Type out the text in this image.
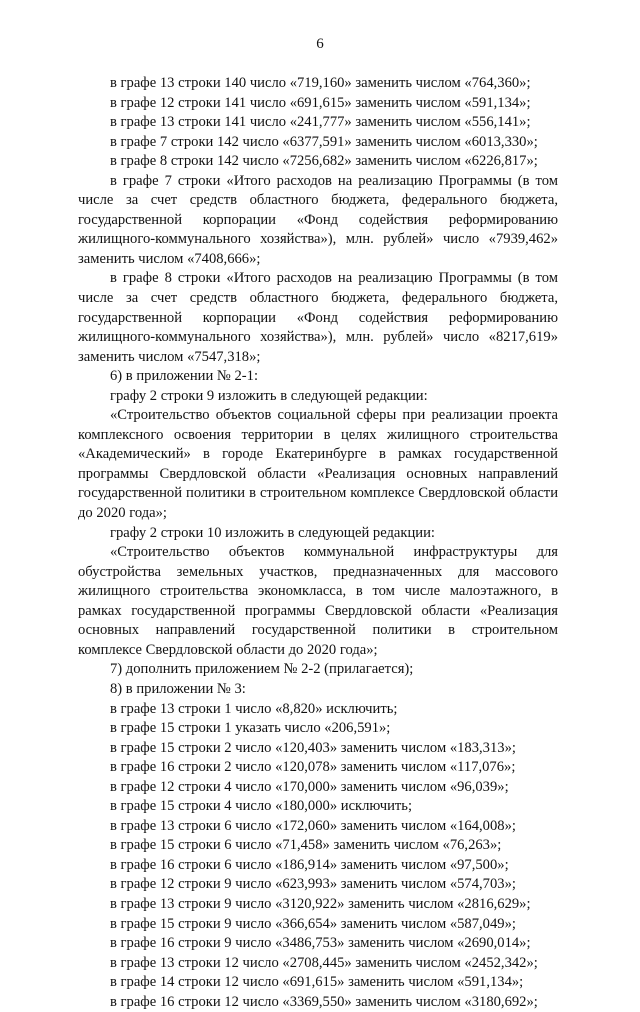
6
в графе 13 строки 140 число «719,160» заменить числом «764,360»;
в графе 12 строки 141 число «691,615» заменить числом «591,134»;
в графе 13 строки 141 число «241,777» заменить числом «556,141»;
в графе 7 строки 142 число «6377,591» заменить числом «6013,330»;
в графе 8 строки 142 число «7256,682» заменить числом «6226,817»;
в графе 7 строки «Итого расходов на реализацию Программы (в том числе за счет средств областного бюджета, федерального бюджета, государственной корпорации «Фонд содействия реформированию жилищного-коммунального хозяйства»), млн. рублей» число «7939,462» заменить числом «7408,666»;
в графе 8 строки «Итого расходов на реализацию Программы (в том числе за счет средств областного бюджета, федерального бюджета, государственной корпорации «Фонд содействия реформированию жилищного-коммунального хозяйства»), млн. рублей» число «8217,619» заменить числом «7547,318»;
6) в приложении № 2-1:
графу 2 строки 9 изложить в следующей редакции:
«Строительство объектов социальной сферы при реализации проекта комплексного освоения территории в целях жилищного строительства «Академический» в городе Екатеринбурге в рамках государственной программы Свердловской области «Реализация основных направлений государственной политики в строительном комплексе Свердловской области до 2020 года»;
графу 2 строки 10 изложить в следующей редакции:
«Строительство объектов коммунальной инфраструктуры для обустройства земельных участков, предназначенных для массового жилищного строительства экономкласса, в том числе малоэтажного, в рамках государственной программы Свердловской области «Реализация основных направлений государственной политики в строительном комплексе Свердловской области до 2020 года»;
7) дополнить приложением № 2-2 (прилагается);
8) в приложении № 3:
в графе 13 строки 1 число «8,820» исключить;
в графе 15 строки 1 указать число «206,591»;
в графе 15 строки 2 число «120,403» заменить числом «183,313»;
в графе 16 строки 2 число «120,078» заменить числом «117,076»;
в графе 12 строки 4 число «170,000» заменить числом «96,039»;
в графе 15 строки 4 число «180,000» исключить;
в графе 13 строки 6 число «172,060» заменить числом «164,008»;
в графе 15 строки 6 число «71,458» заменить числом «76,263»;
в графе 16 строки 6 число «186,914» заменить числом «97,500»;
в графе 12 строки 9 число «623,993» заменить числом «574,703»;
в графе 13 строки 9 число «3120,922» заменить числом «2816,629»;
в графе 15 строки 9 число «366,654» заменить числом «587,049»;
в графе 16 строки 9 число «3486,753» заменить числом «2690,014»;
в графе 13 строки 12 число «2708,445» заменить числом «2452,342»;
в графе 14 строки 12 число «691,615» заменить числом «591,134»;
в графе 16 строки 12 число «3369,550» заменить числом «3180,692»;
